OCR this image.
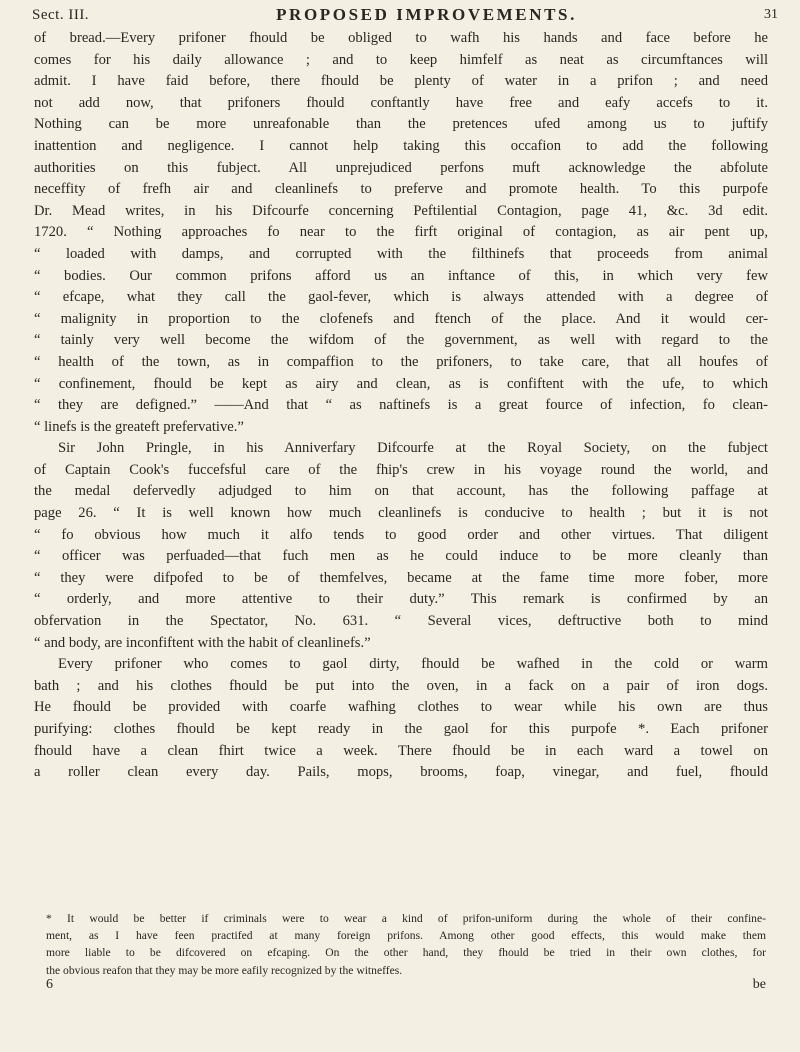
Sect. III.	PROPOSED IMPROVEMENTS.	31
of bread.—Every prifoner fhould be obliged to wafh his hands and face before he
comes for his daily allowance ; and to keep himfelf as neat as circumftances will
admit. I have faid before, there fhould be plenty of water in a prifon ; and need
not add now, that prifoners fhould conftantly have free and eafy accefs to it.
Nothing can be more unreafonable than the pretences ufed among us to juftify
inattention and negligence. I cannot help taking this occafion to add the following
authorities on this fubject. All unprejudiced perfons muft acknowledge the abfolute
neceffity of frefh air and cleanlinefs to preferve and promote health. To this purpofe
Dr. Mead writes, in his Difcourfe concerning Peftilential Contagion, page 41, &c. 3d edit.
1720. “ Nothing approaches fo near to the firft original of contagion, as air pent up,
“ loaded with damps, and corrupted with the filthinefs that proceeds from animal
“ bodies. Our common prifons afford us an inftance of this, in which very few
“ efcape, what they call the gaol-fever, which is always attended with a degree of
“ malignity in proportion to the clofenefs and ftench of the place. And it would cer-
“ tainly very well become the wifdom of the government, as well with regard to the
“ health of the town, as in compaffion to the prifoners, to take care, that all houfes of
“ confinement, fhould be kept as airy and clean, as is confiftent with the ufe, to which
“ they are defigned.” ——And that “ as naftinefs is a great fource of infection, fo clean-
“ linefs is the greateft prefervative.”
Sir John Pringle, in his Anniverfary Difcourfe at the Royal Society, on the fubject
of Captain Cook's fuccefsful care of the fhip's crew in his voyage round the world, and
the medal defervedly adjudged to him on that account, has the following paffage at
page 26. “ It is well known how much cleanlinefs is conducive to health ; but it is not
“ fo obvious how much it alfo tends to good order and other virtues. That diligent
“ officer was perfuaded—that fuch men as he could induce to be more cleanly than
“ they were difpofed to be of themfelves, became at the fame time more fober, more
“ orderly, and more attentive to their duty.” This remark is confirmed by an
obfervation in the Spectator, No. 631. “ Several vices, deftructive both to mind
“ and body, are inconfiftent with the habit of cleanlinefs.”
Every prifoner who comes to gaol dirty, fhould be wafhed in the cold or warm
bath ; and his clothes fhould be put into the oven, in a fack on a pair of iron dogs.
He fhould be provided with coarfe wafhing clothes to wear while his own are thus
purifying: clothes fhould be kept ready in the gaol for this purpofe *. Each prifoner
fhould have a clean fhirt twice a week. There fhould be in each ward a towel on
a roller clean every day. Pails, mops, brooms, foap, vinegar, and fuel, fhould
* It would be better if criminals were to wear a kind of prifon-uniform during the whole of their confine-
ment, as I have feen practifed at many foreign prifons. Among other good effects, this would make them
more liable to be difcovered on efcaping. On the other hand, they fhould be tried in their own clothes, for
the obvious reafon that they may be more eafily recognized by the witneffes.
6	be
